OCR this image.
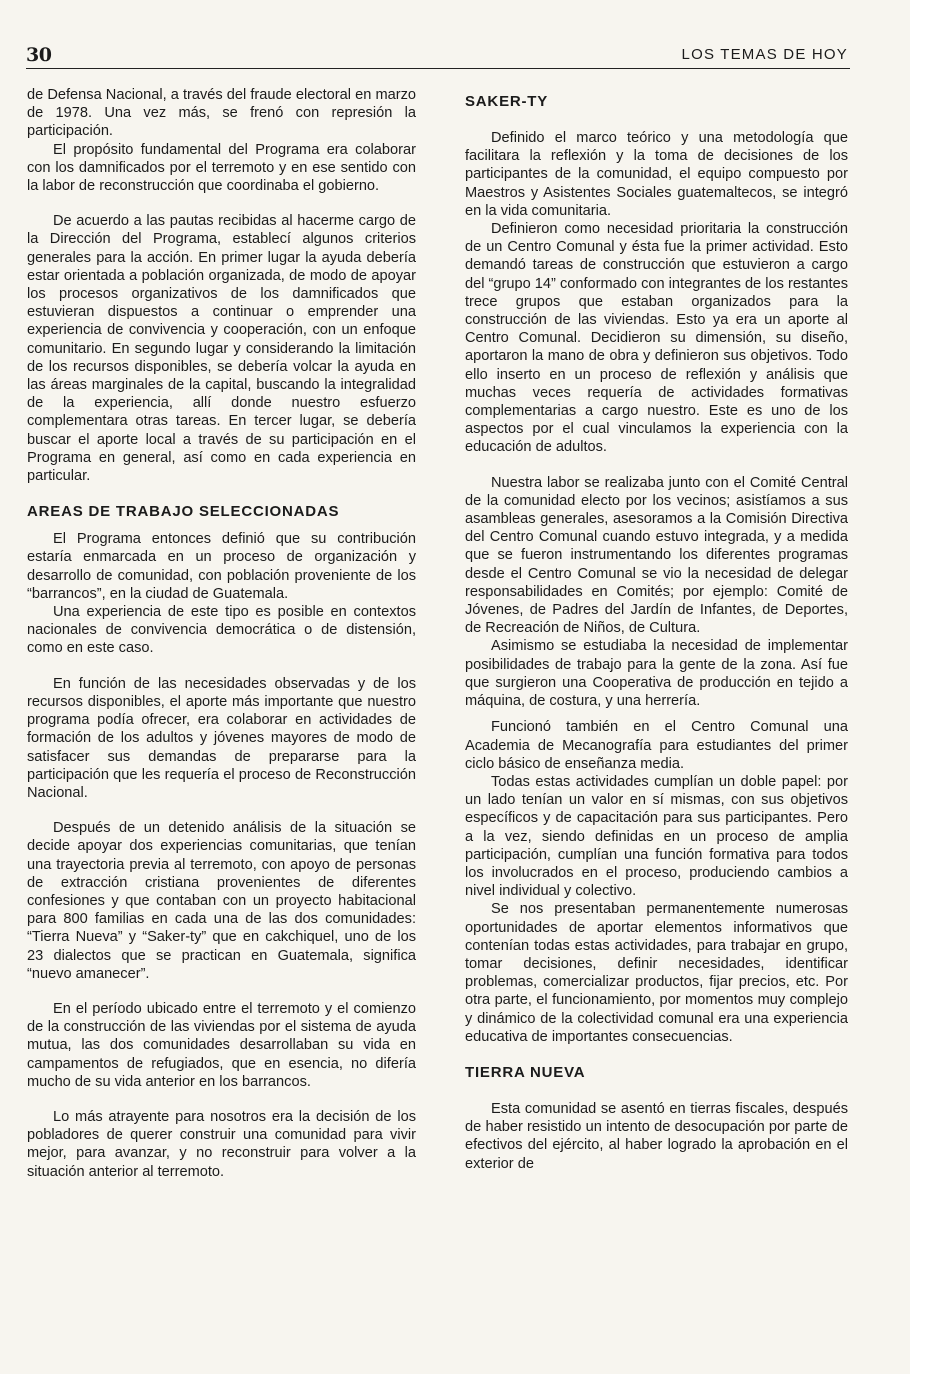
30	LOS TEMAS DE HOY

de Defensa Nacional, a través del fraude electoral en marzo de 1978. Una vez más, se frenó con represión la participación.

El propósito fundamental del Programa era colaborar con los damnificados por el terremoto y en ese sentido con la labor de reconstrucción que coordinaba el gobierno.

De acuerdo a las pautas recibidas al hacerme cargo de la Dirección del Programa, establecí algunos criterios generales para la acción. En primer lugar la ayuda debería estar orientada a población organizada, de modo de apoyar los procesos organizativos de los damnificados que estuvieran dispuestos a continuar o emprender una experiencia de convivencia y cooperación, con un enfoque comunitario. En segundo lugar y considerando la limitación de los recursos disponibles, se debería volcar la ayuda en las áreas marginales de la capital, buscando la integralidad de la experiencia, allí donde nuestro esfuerzo complementara otras tareas. En tercer lugar, se debería buscar el aporte local a través de su participación en el Programa en general, así como en cada experiencia en particular.

AREAS DE TRABAJO SELECCIONADAS

El Programa entonces definió que su contribución estaría enmarcada en un proceso de organización y desarrollo de comunidad, con población proveniente de los “barrancos”, en la ciudad de Guatemala.

Una experiencia de este tipo es posible en contextos nacionales de convivencia democrática o de distensión, como en este caso.

En función de las necesidades observadas y de los recursos disponibles, el aporte más importante que nuestro programa podía ofrecer, era colaborar en actividades de formación de los adultos y jóvenes mayores de modo de satisfacer sus demandas de prepararse para la participación que les requería el proceso de Reconstrucción Nacional.

Después de un detenido análisis de la situación se decide apoyar dos experiencias comunitarias, que tenían una trayectoria previa al terremoto, con apoyo de personas de extracción cristiana provenientes de diferentes confesiones y que contaban con un proyecto habitacional para 800 familias en cada una de las dos comunidades: “Tierra Nueva” y “Saker-ty” que en cakchiquel, uno de los 23 dialectos que se practican en Guatemala, significa “nuevo amanecer”.

En el período ubicado entre el terremoto y el comienzo de la construcción de las viviendas por el sistema de ayuda mutua, las dos comunidades desarrollaban su vida en campamentos de refugiados, que en esencia, no difería mucho de su vida anterior en los barrancos.

Lo más atrayente para nosotros era la decisión de los pobladores de querer construir una comunidad para vivir mejor, para avanzar, y no reconstruir para volver a la situación anterior al terremoto.

SAKER-TY

Definido el marco teórico y una metodología que facilitara la reflexión y la toma de decisiones de los participantes de la comunidad, el equipo compuesto por Maestros y Asistentes Sociales guatemaltecos, se integró en la vida comunitaria.

Definieron como necesidad prioritaria la construcción de un Centro Comunal y ésta fue la primer actividad. Esto demandó tareas de construcción que estuvieron a cargo del “grupo 14” conformado con integrantes de los restantes trece grupos que estaban organizados para la construcción de las viviendas. Esto ya era un aporte al Centro Comunal. Decidieron su dimensión, su diseño, aportaron la mano de obra y definieron sus objetivos. Todo ello inserto en un proceso de reflexión y análisis que muchas veces requería de actividades formativas complementarias a cargo nuestro. Este es uno de los aspectos por el cual vinculamos la experiencia con la educación de adultos.

Nuestra labor se realizaba junto con el Comité Central de la comunidad electo por los vecinos; asistíamos a sus asambleas generales, asesoramos a la Comisión Directiva del Centro Comunal cuando estuvo integrada, y a medida que se fueron instrumentando los diferentes programas desde el Centro Comunal se vio la necesidad de delegar responsabilidades en Comités; por ejemplo: Comité de Jóvenes, de Padres del Jardín de Infantes, de Deportes, de Recreación de Niños, de Cultura.

Asimismo se estudiaba la necesidad de implementar posibilidades de trabajo para la gente de la zona. Así fue que surgieron una Cooperativa de producción en tejido a máquina, de costura, y una herrería.

Funcionó también en el Centro Comunal una Academia de Mecanografía para estudiantes del primer ciclo básico de enseñanza media.

Todas estas actividades cumplían un doble papel: por un lado tenían un valor en sí mismas, con sus objetivos específicos y de capacitación para sus participantes. Pero a la vez, siendo definidas en un proceso de amplia participación, cumplían una función formativa para todos los involucrados en el proceso, produciendo cambios a nivel individual y colectivo.

Se nos presentaban permanentemente numerosas oportunidades de aportar elementos informativos que contenían todas estas actividades, para trabajar en grupo, tomar decisiones, definir necesidades, identificar problemas, comercializar productos, fijar precios, etc. Por otra parte, el funcionamiento, por momentos muy complejo y dinámico de la colectividad comunal era una experiencia educativa de importantes consecuencias.

TIERRA NUEVA

Esta comunidad se asentó en tierras fiscales, después de haber resistido un intento de desocupación por parte de efectivos del ejército, al haber logrado la aprobación en el exterior de
